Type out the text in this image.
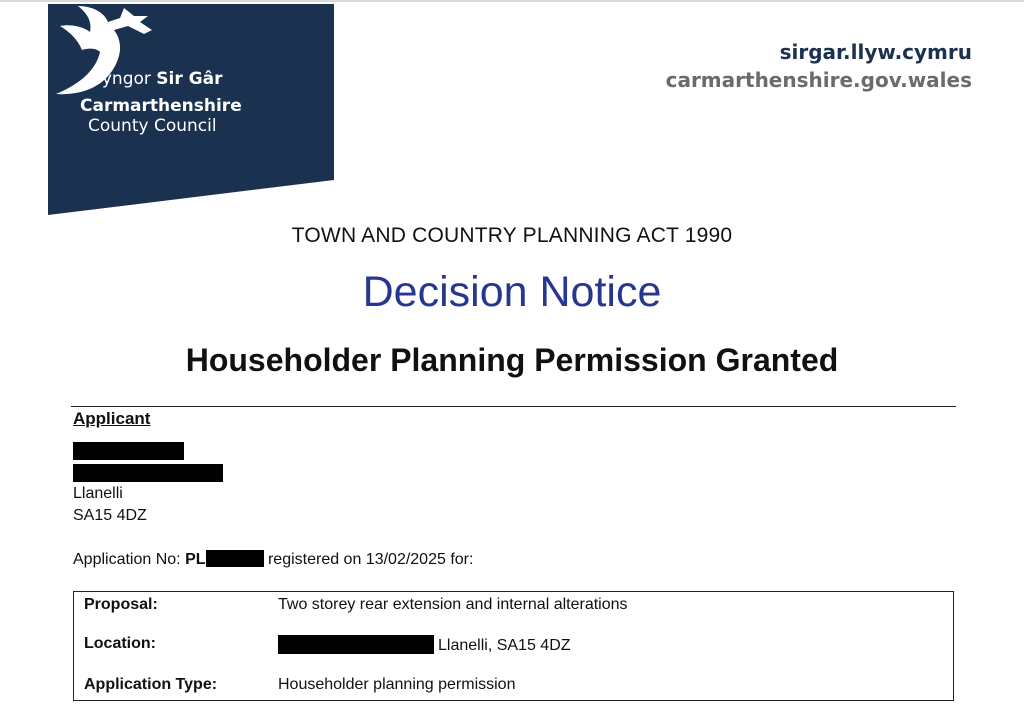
Cyngor Sir Gâr
Carmarthenshire
County Council
sirgar.llyw.cymru
carmarthenshire.gov.wales
TOWN AND COUNTRY PLANNING ACT 1990
Decision Notice
Householder Planning Permission Granted
Applicant
Llanelli
SA15 4DZ
Application No: PL	registered on 13/02/2025 for:
Proposal:	Two storey rear extension and internal alterations
Location:	Llanelli, SA15 4DZ
Application Type:	Householder planning permission
